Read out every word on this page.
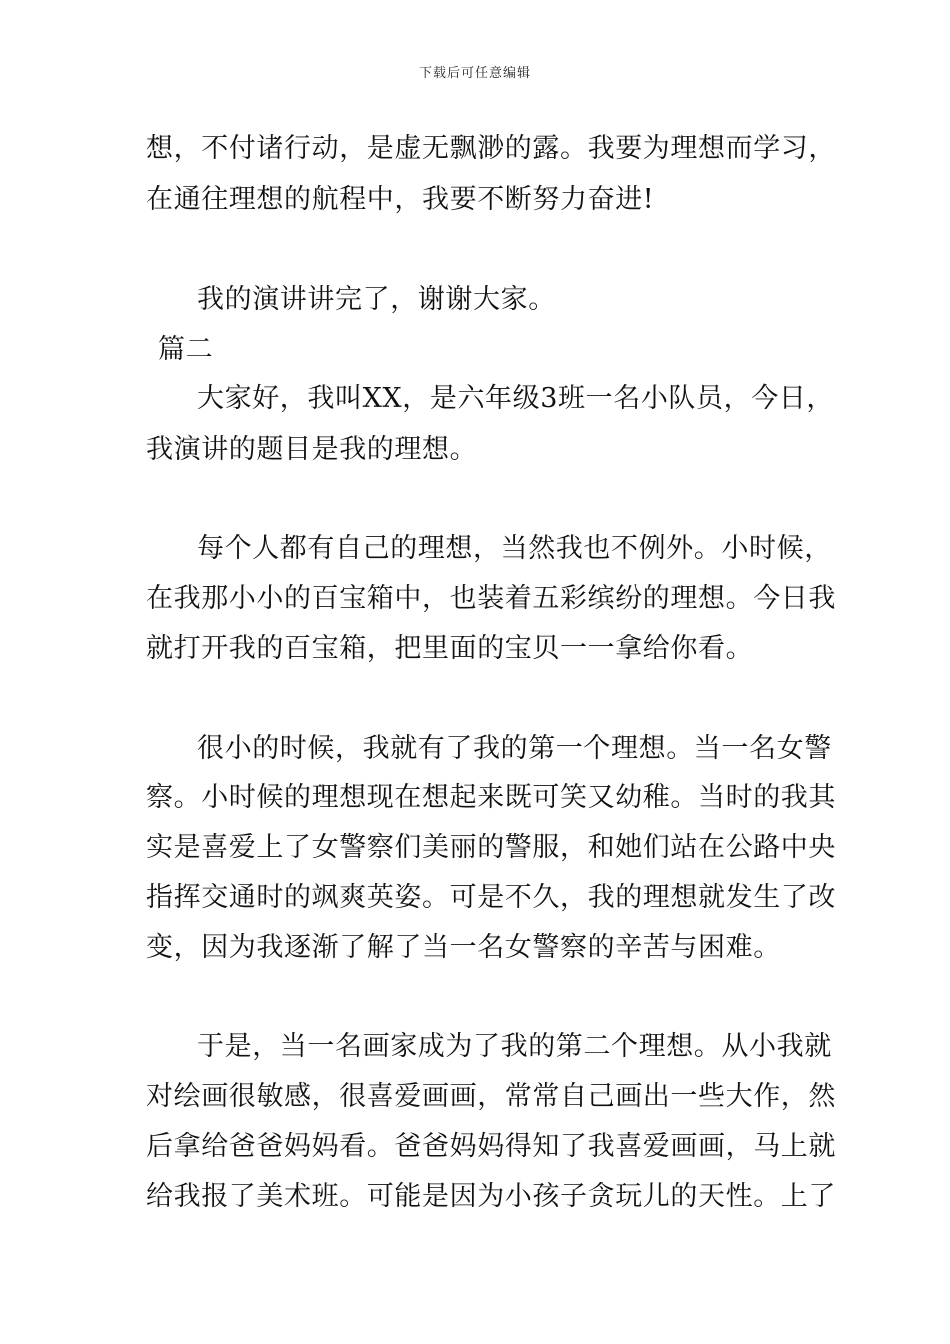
下载后可任意编辑
想，不付诸行动，是虚无飘渺的露。我要为理想而学习，
在通往理想的航程中，我要不断努力奋进!
我的演讲讲完了，谢谢大家。
篇二
大家好，我叫XX，是六年级3班一名小队员，今日，
我演讲的题目是我的理想。
每个人都有自己的理想，当然我也不例外。小时候，
在我那小小的百宝箱中，也装着五彩缤纷的理想。今日我
就打开我的百宝箱，把里面的宝贝一一拿给你看。
很小的时候，我就有了我的第一个理想。当一名女警
察。小时候的理想现在想起来既可笑又幼稚。当时的我其
实是喜爱上了女警察们美丽的警服，和她们站在公路中央
指挥交通时的飒爽英姿。可是不久，我的理想就发生了改
变，因为我逐渐了解了当一名女警察的辛苦与困难。
于是，当一名画家成为了我的第二个理想。从小我就
对绘画很敏感，很喜爱画画，常常自己画出一些大作，然
后拿给爸爸妈妈看。爸爸妈妈得知了我喜爱画画，马上就
给我报了美术班。可能是因为小孩子贪玩儿的天性。上了
